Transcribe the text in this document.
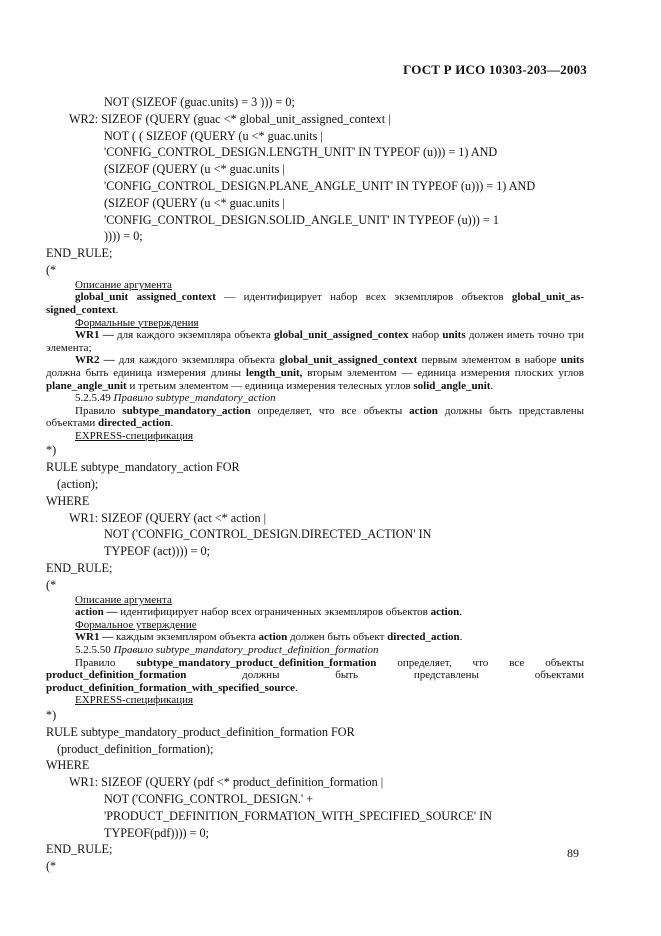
ГОСТ Р ИСО 10303-203—2003
NOT (SIZEOF (guac.units) = 3 ))) = 0;
WR2: SIZEOF (QUERY (guac <* global_unit_assigned_context |
NOT ( ( SIZEOF (QUERY (u <* guac.units |
'CONFIG_CONTROL_DESIGN.LENGTH_UNIT' IN TYPEOF (u))) = 1) AND
(SIZEOF (QUERY (u <* guac.units |
'CONFIG_CONTROL_DESIGN.PLANE_ANGLE_UNIT' IN TYPEOF (u))) = 1) AND
(SIZEOF (QUERY (u <* guac.units |
'CONFIG_CONTROL_DESIGN.SOLID_ANGLE_UNIT' IN TYPEOF (u))) = 1
)))) = 0;
END_RULE;
(*
Описание аргумента
global_unit assigned_context — идентифицирует набор всех экземпляров объектов global_unit_as-signed_context.
Формальные утверждения
WR1 — для каждого экземпляра объекта global_unit_assigned_contex набор units должен иметь точно три элемента;
WR2 — для каждого экземпляра объекта global_unit_assigned_context первым элементом в наборе units должна быть единица измерения длины length_unit, вторым элементом — единица измерения плоских углов plane_angle_unit и третьим элементом — единица измерения телесных углов solid_angle_unit.
5.2.5.49 Правило subtype_mandatory_action
Правило subtype_mandatory_action определяет, что все объекты action должны быть представлены объектами directed_action.
EXPRESS-спецификация
*)
RULE subtype_mandatory_action FOR
(action);
WHERE
WR1: SIZEOF (QUERY (act <* action |
NOT ('CONFIG_CONTROL_DESIGN.DIRECTED_ACTION' IN
TYPEOF (act)))) = 0;
END_RULE;
(*
Описание аргумента
action — идентифицирует набор всех ограниченных экземпляров объектов action.
Формальное утверждение
WR1 — каждым экземпляром объекта action должен быть объект directed_action.
5.2.5.50 Правило subtype_mandatory_product_definition_formation
Правило subtype_mandatory_product_definition_formation определяет, что все объекты product_definition_formation должны быть представлены объектами product_definition_formation_with_specified_source.
EXPRESS-спецификация
*)
RULE subtype_mandatory_product_definition_formation FOR
(product_definition_formation);
WHERE
WR1: SIZEOF (QUERY (pdf <* product_definition_formation |
NOT ('CONFIG_CONTROL_DESIGN.' +
'PRODUCT_DEFINITION_FORMATION_WITH_SPECIFIED_SOURCE' IN
TYPEOF(pdf)))) = 0;
END_RULE;
(*
89
